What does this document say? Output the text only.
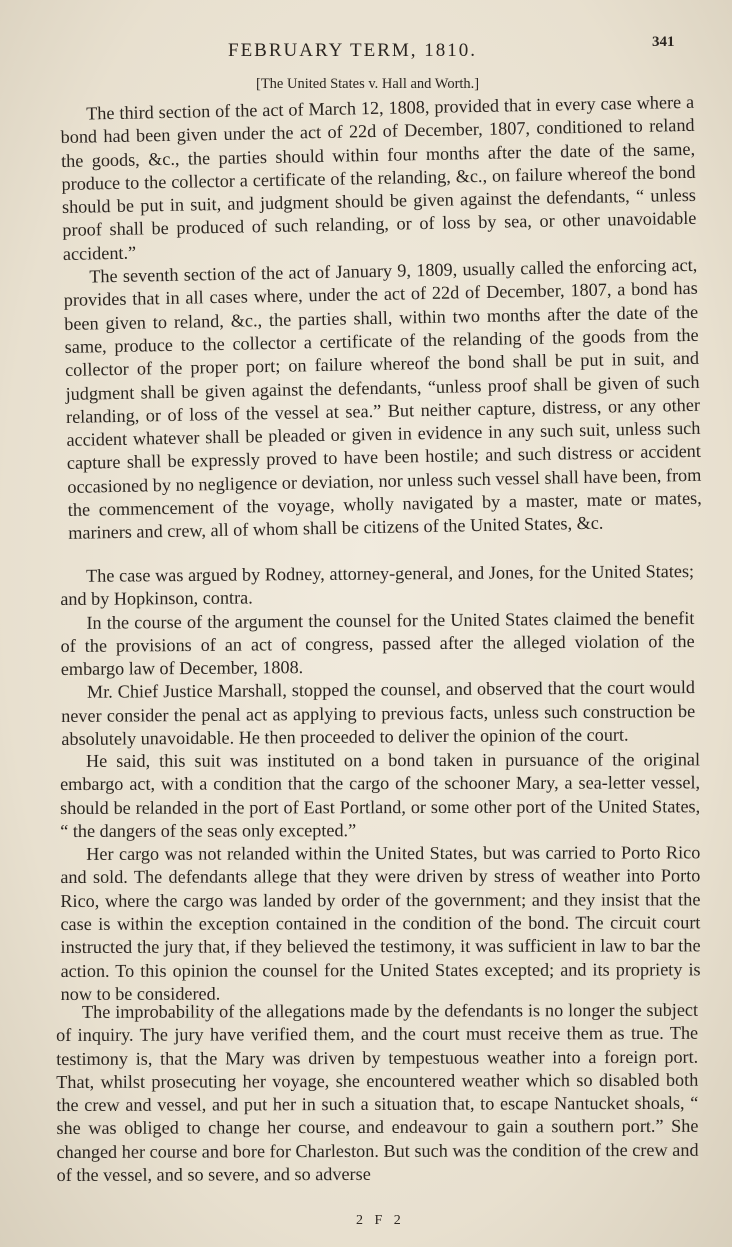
FEBRUARY TERM, 1810.	341
[The United States v. Hall and Worth.]

The third section of the act of March 12, 1808, provided that in every case where a bond had been given under the act of 22d of December, 1807, conditioned to reland the goods, &c., the parties should within four months after the date of the same, produce to the collector a certificate of the relanding, &c., on failure whereof the bond should be put in suit, and judgment should be given against the defendants, “ unless proof shall be produced of such relanding, or of loss by sea, or other unavoidable accident.”

The seventh section of the act of January 9, 1809, usually called the enforcing act, provides that in all cases where, under the act of 22d of December, 1807, a bond has been given to reland, &c., the parties shall, within two months after the date of the same, produce to the collector a certificate of the relanding of the goods from the collector of the proper port; on failure whereof the bond shall be put in suit, and judgment shall be given against the defendants, “unless proof shall be given of such relanding, or of loss of the vessel at sea.” But neither capture, distress, or any other accident whatever shall be pleaded or given in evidence in any such suit, unless such capture shall be expressly proved to have been hostile; and such distress or accident occasioned by no negligence or deviation, nor unless such vessel shall have been, from the commencement of the voyage, wholly navigated by a master, mate or mates, mariners and crew, all of whom shall be citizens of the United States, &c.

The case was argued by Rodney, attorney-general, and Jones, for the United States; and by Hopkinson, contra.

In the course of the argument the counsel for the United States claimed the benefit of the provisions of an act of congress, passed after the alleged violation of the embargo law of December, 1808.

Mr. Chief Justice Marshall, stopped the counsel, and observed that the court would never consider the penal act as applying to previous facts, unless such construction be absolutely unavoidable. He then proceeded to deliver the opinion of the court.

He said, this suit was instituted on a bond taken in pursuance of the original embargo act, with a condition that the cargo of the schooner Mary, a sea-letter vessel, should be relanded in the port of East Portland, or some other port of the United States, “ the dangers of the seas only excepted.”

Her cargo was not relanded within the United States, but was carried to Porto Rico and sold. The defendants allege that they were driven by stress of weather into Porto Rico, where the cargo was landed by order of the government; and they insist that the case is within the exception contained in the condition of the bond. The circuit court instructed the jury that, if they believed the testimony, it was sufficient in law to bar the action. To this opinion the counsel for the United States excepted; and its propriety is now to be considered.

The improbability of the allegations made by the defendants is no longer the subject of inquiry. The jury have verified them, and the court must receive them as true. The testimony is, that the Mary was driven by tempestuous weather into a foreign port. That, whilst prosecuting her voyage, she encountered weather which so disabled both the crew and vessel, and put her in such a situation that, to escape Nantucket shoals, “ she was obliged to change her course, and endeavour to gain a southern port.” She changed her course and bore for Charleston. But such was the condition of the crew and of the vessel, and so severe, and so adverse

2 F 2
